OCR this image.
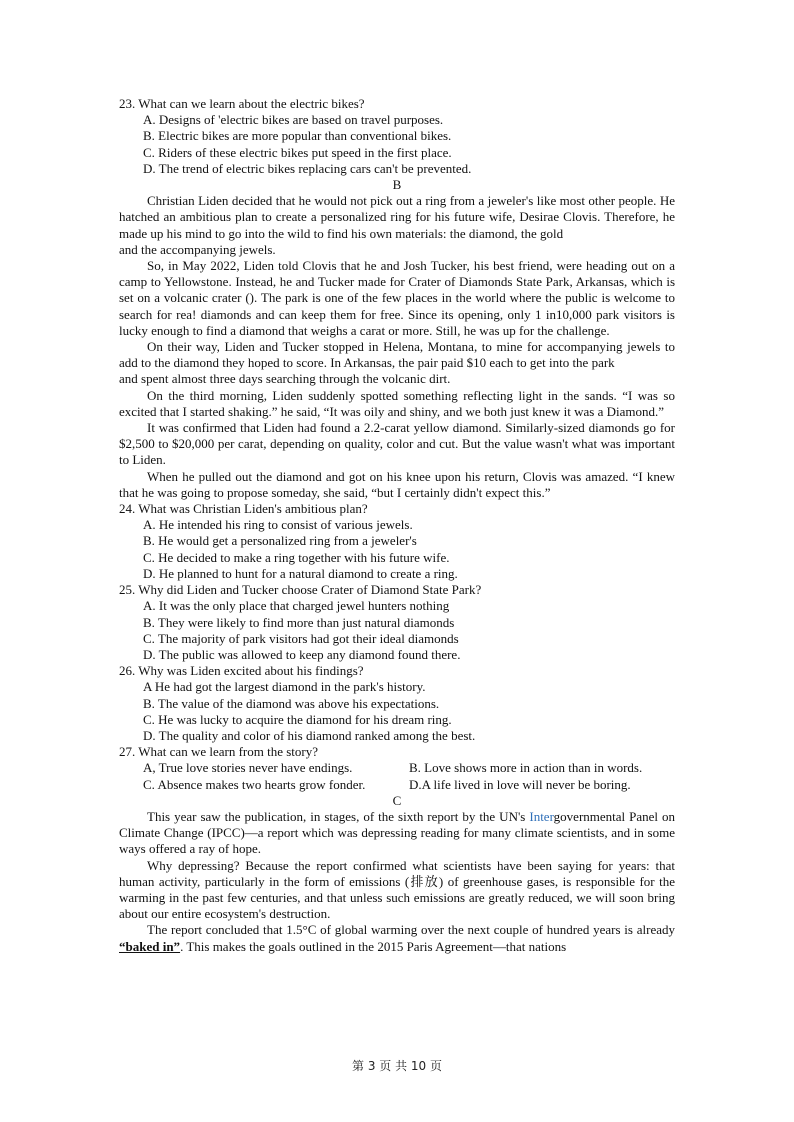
23. What can we learn about the electric bikes?

A. Designs of 'electric bikes are based on travel purposes.

B. Electric bikes are more popular than conventional bikes.

C. Riders of these electric bikes put speed in the first place.

D. The trend of electric bikes replacing cars can't be prevented.

B

Christian Liden decided that he would not pick out a ring from a jeweler's like most other people. He hatched an ambitious plan to create a personalized ring for his future wife, Desirae Clovis. Therefore, he made up his mind to go into the wild to find his own materials: the diamond, the gold

and the accompanying jewels.

So, in May 2022, Liden told Clovis that he and Josh Tucker, his best friend, were heading out on a camp to Yellowstone. Instead, he and Tucker made for Crater of Diamonds State Park, Arkansas, which is set on a volcanic crater (). The park is one of the few places in the world where the public is welcome to search for rea! diamonds and can keep them for free. Since its opening, only 1 in10,000 park visitors is lucky enough to find a diamond that weighs a carat or more. Still, he was up for the challenge.

On their way, Liden and Tucker stopped in Helena, Montana, to mine for accompanying jewels to add to the diamond they hoped to score. In Arkansas, the pair paid $10 each to get into the park

and spent almost three days searching through the volcanic dirt.

On the third morning, Liden suddenly spotted something reflecting light in the sands. “I was so excited that I started shaking.” he said, “It was oily and shiny, and we both just knew it was a Diamond.”

It was confirmed that Liden had found a 2.2-carat yellow diamond. Similarly-sized diamonds go for $2,500 to $20,000 per carat, depending on quality, color and cut. But the value wasn't what was important to Liden.

When he pulled out the diamond and got on his knee upon his return, Clovis was amazed. “I knew that he was going to propose someday, she said, “but I certainly didn't expect this.”

24. What was Christian Liden's ambitious plan?

A. He intended his ring to consist of various jewels.

B. He would get a personalized ring from a jeweler's

C. He decided to make a ring together with his future wife.

D. He planned to hunt for a natural diamond to create a ring.

25. Why did Liden and Tucker choose Crater of Diamond State Park?

A. It was the only place that charged jewel hunters nothing

B. They were likely to find more than just natural diamonds

C. The majority of park visitors had got their ideal diamonds

D. The public was allowed to keep any diamond found there.

26. Why was Liden excited about his findings?

A He had got the largest diamond in the park's history.

B. The value of the diamond was above his expectations.

C. He was lucky to acquire the diamond for his dream ring.

D. The quality and color of his diamond ranked among the best.

27. What can we learn from the story?

A, True love stories never have endings.	B. Love shows more in action than in words.
C. Absence makes two hearts grow fonder.	D.A life lived in love will never be boring.

C

This year saw the publication, in stages, of the sixth report by the UN's Intergovernmental Panel on Climate Change (IPCC)—a report which was depressing reading for many climate scientists, and in some ways offered a ray of hope.

Why depressing? Because the report confirmed what scientists have been saying for years: that human activity, particularly in the form of emissions (排放) of greenhouse gases, is responsible for the warming in the past few centuries, and that unless such emissions are greatly reduced, we will soon bring about our entire ecosystem's destruction.

The report concluded that 1.5°C of global warming over the next couple of hundred years is already “baked in”. This makes the goals outlined in the 2015 Paris Agreement—that nations

第 3 页 共 10 页
